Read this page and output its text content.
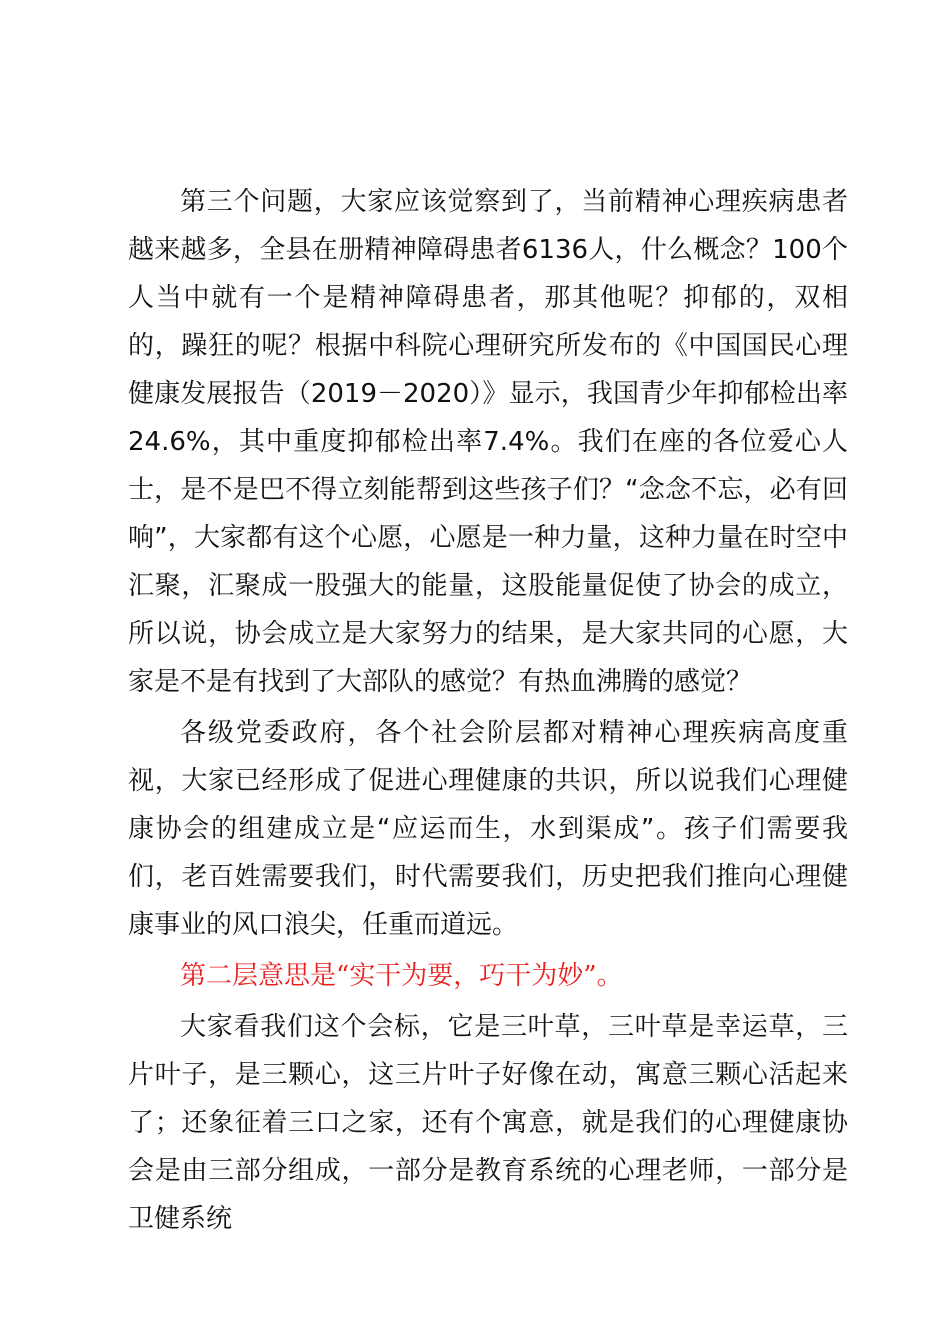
第三个问题，大家应该觉察到了，当前精神心理疾病患者越来越多，全县在册精神障碍患者6136人，什么概念？100个人当中就有一个是精神障碍患者，那其他呢？抑郁的，双相的，躁狂的呢？根据中科院心理研究所发布的《中国国民心理健康发展报告（2019－2020）》显示，我国青少年抑郁检出率24.6%，其中重度抑郁检出率7.4%。我们在座的各位爱心人士，是不是巴不得立刻能帮到这些孩子们？“念念不忘，必有回响”，大家都有这个心愿，心愿是一种力量，这种力量在时空中汇聚，汇聚成一股强大的能量，这股能量促使了协会的成立，所以说，协会成立是大家努力的结果，是大家共同的心愿，大家是不是有找到了大部队的感觉？有热血沸腾的感觉？

各级党委政府，各个社会阶层都对精神心理疾病高度重视，大家已经形成了促进心理健康的共识，所以说我们心理健康协会的组建成立是“应运而生，水到渠成”。孩子们需要我们，老百姓需要我们，时代需要我们，历史把我们推向心理健康事业的风口浪尖，任重而道远。

第二层意思是“实干为要，巧干为妙”。

大家看我们这个会标，它是三叶草，三叶草是幸运草，三片叶子，是三颗心，这三片叶子好像在动，寓意三颗心活起来了；还象征着三口之家，还有个寓意，就是我们的心理健康协会是由三部分组成，一部分是教育系统的心理老师，一部分是卫健系统
